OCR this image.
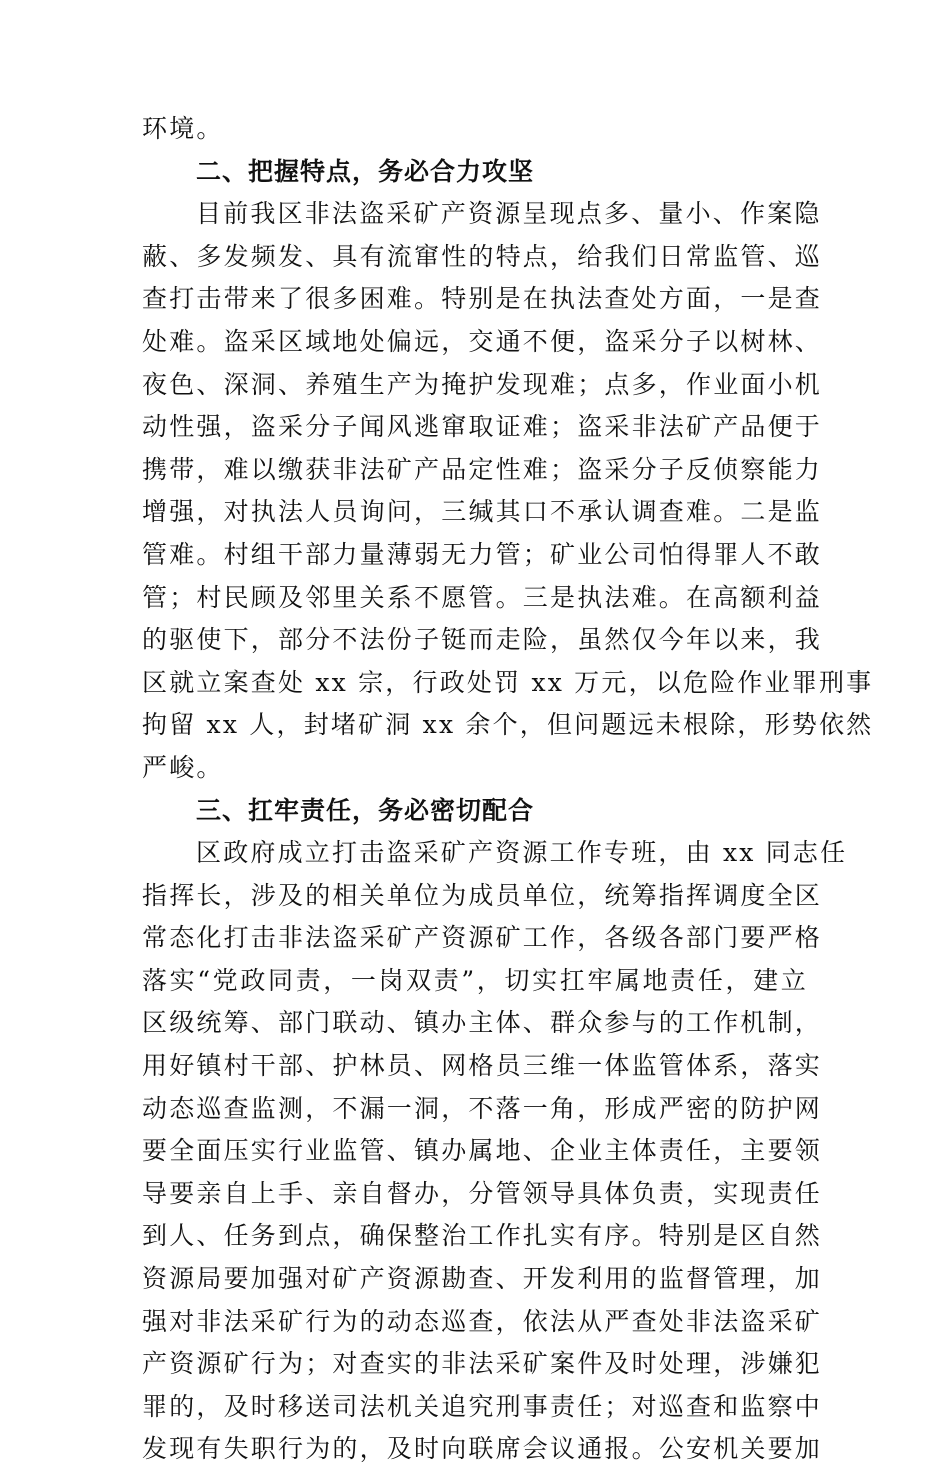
环境。
二、把握特点，务必合力攻坚
目前我区非法盗采矿产资源呈现点多、量小、作案隐
蔽、多发频发、具有流窜性的特点，给我们日常监管、巡
查打击带来了很多困难。特别是在执法查处方面，一是查
处难。盗采区域地处偏远，交通不便，盗采分子以树林、
夜色、深洞、养殖生产为掩护发现难；点多，作业面小机
动性强，盗采分子闻风逃窜取证难；盗采非法矿产品便于
携带，难以缴获非法矿产品定性难；盗采分子反侦察能力
增强，对执法人员询问，三缄其口不承认调查难。二是监
管难。村组干部力量薄弱无力管；矿业公司怕得罪人不敢
管；村民顾及邻里关系不愿管。三是执法难。在高额利益
的驱使下，部分不法份子铤而走险，虽然仅今年以来，我
区就立案查处 xx 宗，行政处罚 xx 万元，以危险作业罪刑事
拘留 xx 人，封堵矿洞 xx 余个，但问题远未根除，形势依然
严峻。
三、扛牢责任，务必密切配合
区政府成立打击盗采矿产资源工作专班，由 xx 同志任
指挥长，涉及的相关单位为成员单位，统筹指挥调度全区
常态化打击非法盗采矿产资源矿工作，各级各部门要严格
落实“党政同责，一岗双责”，切实扛牢属地责任，建立
区级统筹、部门联动、镇办主体、群众参与的工作机制，
用好镇村干部、护林员、网格员三维一体监管体系，落实
动态巡查监测，不漏一洞，不落一角，形成严密的防护网
要全面压实行业监管、镇办属地、企业主体责任，主要领
导要亲自上手、亲自督办，分管领导具体负责，实现责任
到人、任务到点，确保整治工作扎实有序。特别是区自然
资源局要加强对矿产资源勘查、开发利用的监督管理，加
强对非法采矿行为的动态巡查，依法从严查处非法盗采矿
产资源矿行为；对查实的非法采矿案件及时处理，涉嫌犯
罪的，及时移送司法机关追究刑事责任；对巡查和监察中
发现有失职行为的，及时向联席会议通报。公安机关要加
